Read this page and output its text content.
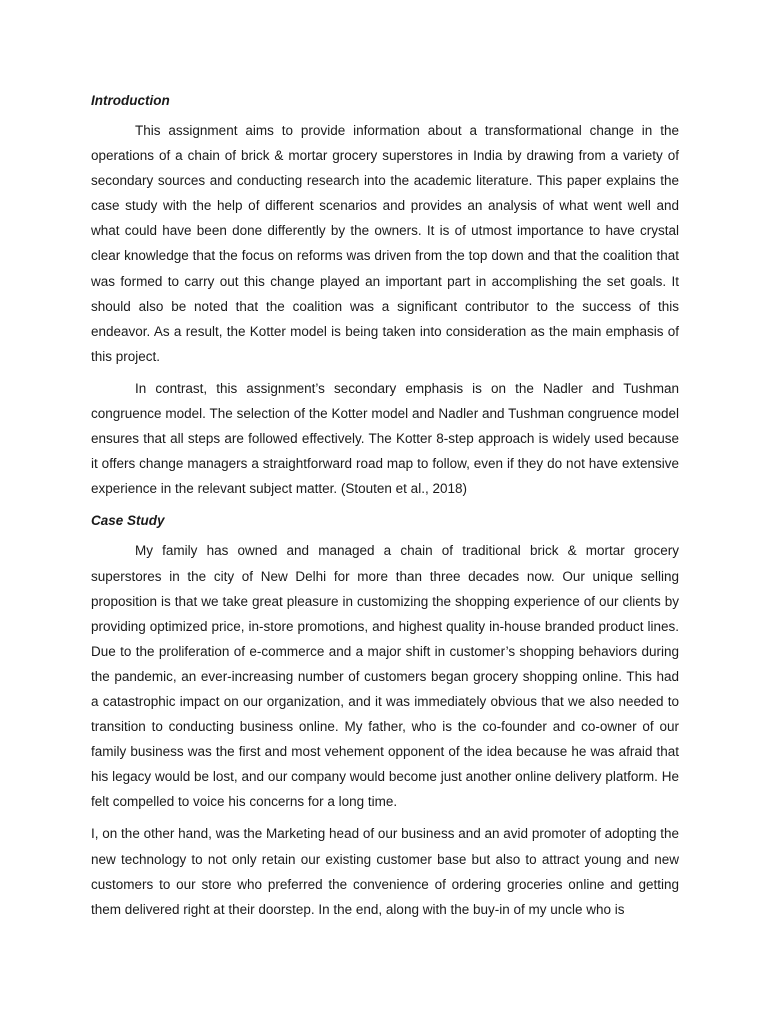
Introduction

This assignment aims to provide information about a transformational change in the operations of a chain of brick & mortar grocery superstores in India by drawing from a variety of secondary sources and conducting research into the academic literature. This paper explains the case study with the help of different scenarios and provides an analysis of what went well and what could have been done differently by the owners. It is of utmost importance to have crystal clear knowledge that the focus on reforms was driven from the top down and that the coalition that was formed to carry out this change played an important part in accomplishing the set goals. It should also be noted that the coalition was a significant contributor to the success of this endeavor. As a result, the Kotter model is being taken into consideration as the main emphasis of this project.

In contrast, this assignment’s secondary emphasis is on the Nadler and Tushman congruence model. The selection of the Kotter model and Nadler and Tushman congruence model ensures that all steps are followed effectively. The Kotter 8-step approach is widely used because it offers change managers a straightforward road map to follow, even if they do not have extensive experience in the relevant subject matter. (Stouten et al., 2018)

Case Study

My family has owned and managed a chain of traditional brick & mortar grocery superstores in the city of New Delhi for more than three decades now. Our unique selling proposition is that we take great pleasure in customizing the shopping experience of our clients by providing optimized price, in-store promotions, and highest quality in-house branded product lines. Due to the proliferation of e-commerce and a major shift in customer’s shopping behaviors during the pandemic, an ever-increasing number of customers began grocery shopping online. This had a catastrophic impact on our organization, and it was immediately obvious that we also needed to transition to conducting business online. My father, who is the co-founder and co-owner of our family business was the first and most vehement opponent of the idea because he was afraid that his legacy would be lost, and our company would become just another online delivery platform. He felt compelled to voice his concerns for a long time.

I, on the other hand, was the Marketing head of our business and an avid promoter of adopting the new technology to not only retain our existing customer base but also to attract young and new customers to our store who preferred the convenience of ordering groceries online and getting them delivered right at their doorstep. In the end, along with the buy-in of my uncle who is
